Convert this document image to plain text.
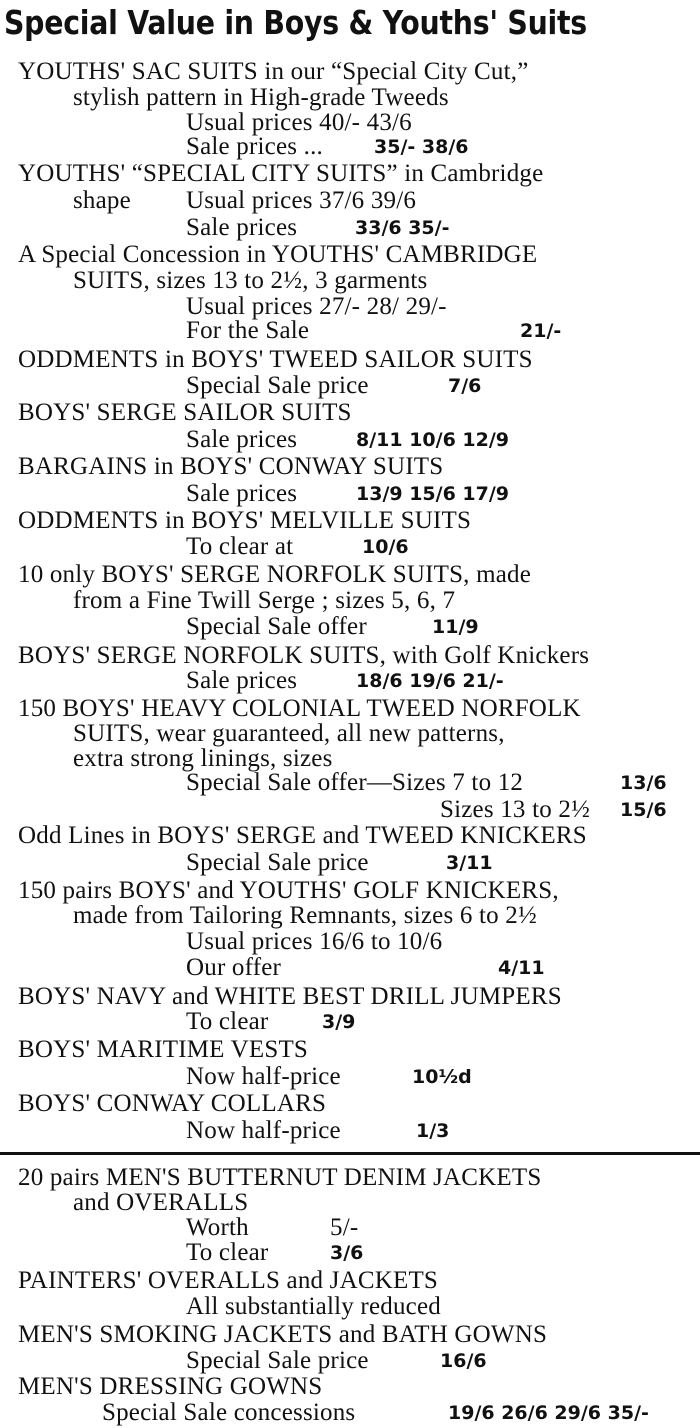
Special Value in Boys & Youths' Suits
YOUTHS' SAC SUITS in our “Special City Cut,”
stylish pattern in High-grade Tweeds
Usual prices 40/- 43/6
Sale prices ...	35/- 38/6
YOUTHS' “SPECIAL CITY SUITS” in Cambridge
shape Usual prices 37/6 39/6
Sale prices	33/6 35/-
A Special Concession in YOUTHS' CAMBRIDGE
SUITS, sizes 13 to 2½, 3 garments
Usual prices 27/- 28/ 29/-
For the Sale	21/-
ODDMENTS in BOYS' TWEED SAILOR SUITS
Special Sale price	7/6
BOYS' SERGE SAILOR SUITS
Sale prices	8/11 10/6 12/9
BARGAINS in BOYS' CONWAY SUITS
Sale prices	13/9 15/6 17/9
ODDMENTS in BOYS' MELVILLE SUITS
To clear at	10/6
10 only BOYS' SERGE NORFOLK SUITS, made
from a Fine Twill Serge ; sizes 5, 6, 7
Special Sale offer	11/9
BOYS' SERGE NORFOLK SUITS, with Golf Knickers
Sale prices	18/6 19/6 21/-
150 BOYS' HEAVY COLONIAL TWEED NORFOLK
SUITS, wear guaranteed, all new patterns,
extra strong linings, sizes
Special Sale offer—Sizes 7 to 12	13/6
Sizes 13 to 2½ 15/6
Odd Lines in BOYS' SERGE and TWEED KNICKERS
Special Sale price	3/11
150 pairs BOYS' and YOUTHS' GOLF KNICKERS,
made from Tailoring Remnants, sizes 6 to 2½
Usual prices 16/6 to 10/6
Our offer	4/11
BOYS' NAVY and WHITE BEST DRILL JUMPERS
To clear	3/9
BOYS' MARITIME VESTS
Now half-price	10½d
BOYS' CONWAY COLLARS
Now half-price	1/3
20 pairs MEN'S BUTTERNUT DENIM JACKETS
and OVERALLS
Worth	5/-
To clear	3/6
PAINTERS' OVERALLS and JACKETS
All substantially reduced
MEN'S SMOKING JACKETS and BATH GOWNS
Special Sale price	16/6
MEN'S DRESSING GOWNS
Special Sale concessions	19/6 26/6 29/6 35/-
